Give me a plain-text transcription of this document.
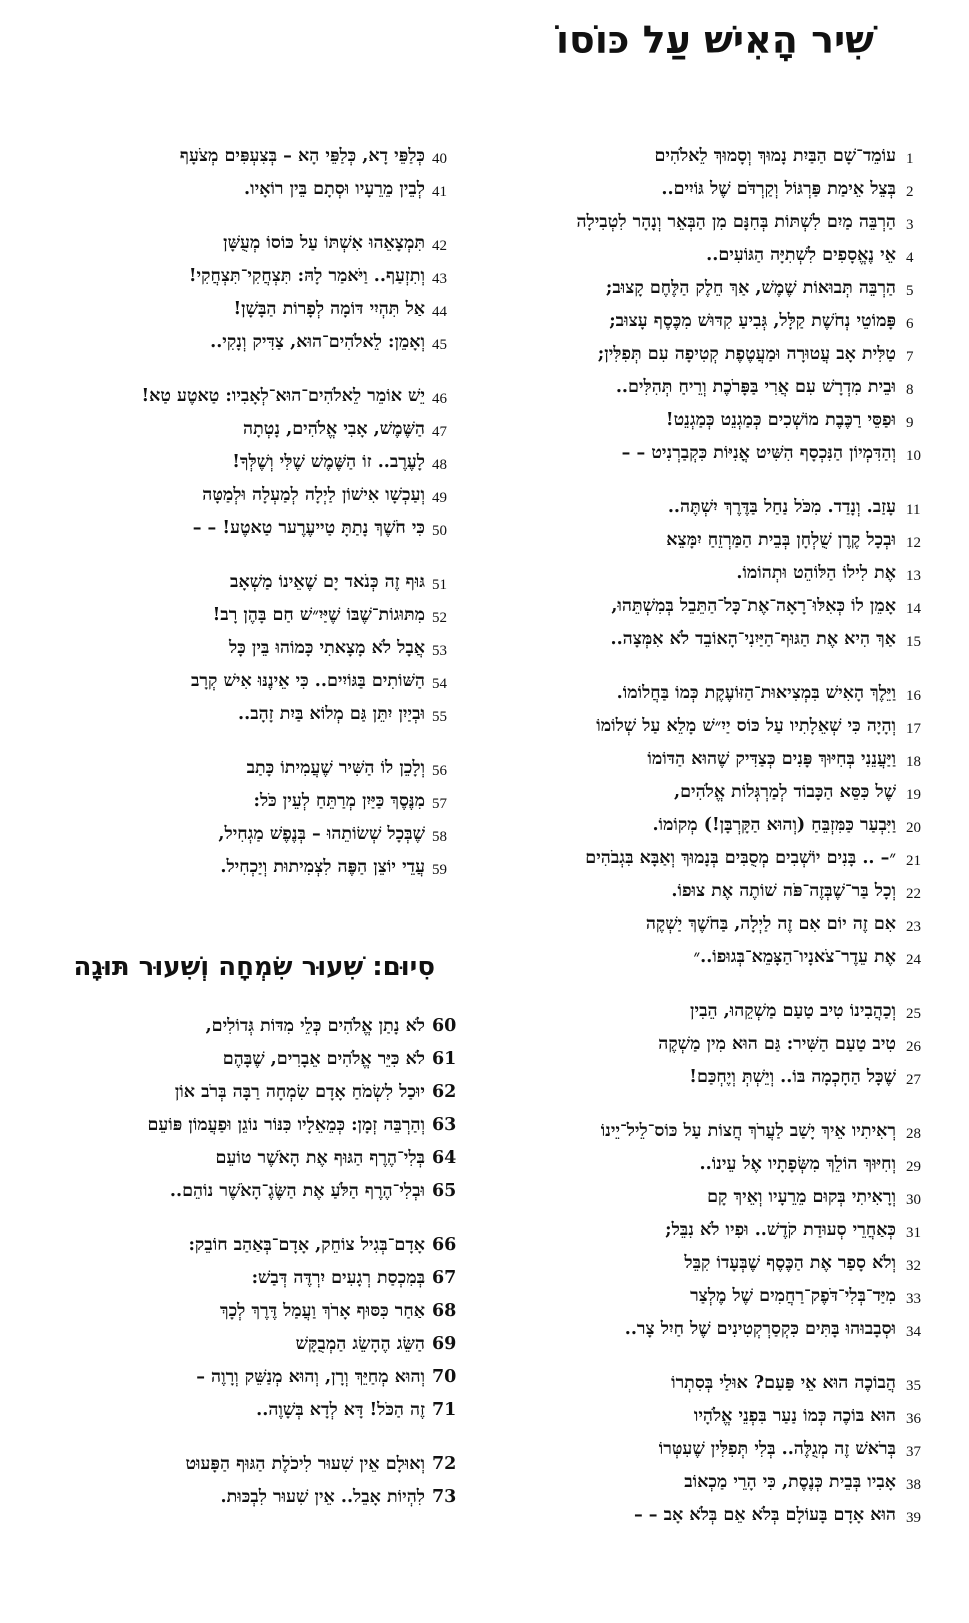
שִׁיר הָאִישׁ עַל כּוֹסוֹ
1
עוֹמֵד־שָׁם הַבַּיִת נָמוּךְ וְסָמוּךְ לֵאלֹהִים
2
בְּצֵל אֵימַת פַּרְגּוֹל וְקַרְדֹּם שֶׁל גּוֹיִים..
3
הַרְבֵּה מַיִם לִשְׁתּוֹת בְּחִנָּם מִן הַבְּאֵר וְנָהָר לִטְבִילָה
4
אֵי נֶאֱסָפִים לִשְׁתִיָּה הַגּוֹעִים..
5
הַרְבֵּה תְּבוּאוֹת שֶׁמֶשׁ, אַךְ חֵלֶק הַלֶּחֶם קָצוּב;
6
פָּמוֹטֵי נְחֹשֶׁת קַלָּל, גְּבִיעַ קִדּוּשׁ מִכֶּסֶף עָצוּב;
7
טַלִּית אָב עֲטוּרָה וּמַעֲטֶפֶת קְטִיפָה עִם תְּפִלִּין;
8
וּבֵית מִדְרָשׁ עִם אֲרִי בַּפָּרֹכֶת וְרֵיחַ תְּהִלִּים..
9
וּפַסֵּי רַכֶּבֶת מוֹשְׁכִים כְּמַגְנֵט כְּמַגְנֵט!
10
וְהַדִּמְיוֹן הַנִּכְסָף הִשִּׁיט אֳנִיּוֹת כִּקְבַרְנִיט – –
11
עָזַב. וְנָדַד. מִכֹּל נַחַל בַּדֶּרֶךְ יִשְׁתֶּה..
12
וּבְכָל קֶרֶן שֻׁלְחָן בְּבֵית הַמַּרְזֵחַ יִמָּצֵא
13
אֶת לִילוֹ הַלּוֹהֵט וּתְהוֹמוֹ.
14
אָמֵן לוֹ כְּאִלּוּ־רָאָה־אֶת־כָּל־הַתֵּבֵל בְּמִשְׁתֵּהוּ,
15
אַךְ הִיא אֶת הַגּוּף־הַיַּיִנִי־הָאוֹבֵד לֹא אִמְּצָה..
16
וַיֵּלֶךְ הָאִישׁ בִּמְצִיאוּת־הַזּוֹעֶקֶת כְּמוֹ בַּחֲלוֹמוֹ.
17
וְהָיָה כִּי שְׁאֵלָתִיו עַל כּוֹס יַיִ״שׁ מָלֵא עַל שְׁלוֹמוֹ
18
וַיַּעֲנֵנִי בְּחִיּוּךְ פָּנִים כְּצַדִּיק שֶׁהוּא הַדּוֹמוֹ
19
שֶׁל כִּסֵּא הַכָּבוֹד לְמַרְגְּלוֹת אֱלֹהִים,
20
וַיִּבְעַר כַּמִּזְבֵּחַ (וְהוּא הַקָּרְבָּן!) מְקוֹמוֹ.
21
״– .. בָּנִים יוֹשְׁבִים מְסֻבִּים בְּנָמוּךְ וְאַבָּא בִּגְבֹהִים
22
וְכָל בַּר־שֶׁבְּזֶה־פֹּה שׁוֹתֶה אֶת צוּפוֹ.
23
אִם זֶה יוֹם אִם זֶה לַיְלָה, בַּחֹשֶׁךְ יַשְׁקֶה
24
אֶת עֵדֶר־צֹאנָיו־הַצָּמֵא־בְּגוּפוֹ..״
25
וְכַהֲבִינוֹ טִיב טַעַם מַשְׁקֵהוּ, הֵבִין
26
טִיב טַעַם הַשִּׁיר: גַּם הוּא מִין מַשְׁקֶה
27
שֶׁכָּל הַחָכְמָה בּוֹ.. וְיֵשְׁתְּ וְיֶחְכַּם!
28
רְאִיתִיו אֵיךְ יָשַׁב לַעֲרֹךְ חֲצוֹת עַל כּוֹס־לֵיל־יֵינוֹ
29
וְחִיּוּךְ הוֹלֵךְ מִשְּׂפָתָיו אֶל עֵינוֹ..
30
וְרָאִיתִי בְּקוּם מֵרֵעָיו וְאֵיךְ קָם
31
כְּאַחֲרֵי סְעוּדַת קֹדֶשׁ.. וּפִיו לֹא נִבֵּל;
32
וְלֹא סָפַר אֶת הַכֶּסֶף שֶׁבְּעָדוֹ קִבֵּל
33
מִיַּד־בְּלִי־דֹּפֶק־רַחֲמִים שֶׁל מֶלְצַר
34
וּסְבָבוּהוּ בָּתִּים כִּקְסַרְקְטִינִים שֶׁל חַיִל צָר..
35
הֲבוֹכֶה הוּא אֵי פַּעַם? אוּלַי בְּסִתְרוֹ
36
הוּא בּוֹכֶה כְּמוֹ נַעַר בִּפְנֵי אֱלֹהָיו
37
בְּרֹאשׁ זֶה מְגֻלֶּה.. בְּלִי תְּפִלִּין שֶׁעִטְּרוֹ
38
אָבִיו בְּבֵית כְּנֶסֶת, כִּי הָרֵי מַכְאוֹב
39
הוּא אָדָם בָּעוֹלָם בְּלֹא אֵם בְּלֹא אָב – –
40
כְּלַפֵּי דָא, כְּלַפֵּי הָא – בְּצִעְפִּים מְצֹעָף
41
לְבֵין מֵרֵעָיו וּסְתָם בֵּין רוֹאָיו.
42
תִּמְצָאֵהוּ אִשְׁתּוֹ עַל כּוֹסוֹ מְעֻשָּׁן
43
וְתִזְעַף.. וַיֹּאמַר לָהּ: תִּצְחֲקִי־תִּצְחֲקִי!
44
אַל תִּהְיִי דּוֹמָה לְפָרוֹת הַבָּשָׁן!
45
וְאָמֵן: לֵאלֹהִים־הוּא, צַדִּיק וְנָקִי..
46
יֵשׁ אוֹמֵר לֵאלֹהִים־הוּא־לְאָבִיו: טַאטֶע טַא!
47
הַשֶּׁמֶשׁ, אָבִי אֱלֹהִים, נָטְתָה
48
לָעֶרֶב.. זוֹ הַשֶּׁמֶשׁ שֶׁלִּי וְשֶׁלְּךָ!
49
וְעַכְשָׁו אִישׁוֹן לַיְלָה לְמַעְלָה וּלְמַטָּה
50
כִּי חֹשֶׁךְ נָתַתָּ טַייעֶרֶער טַאטֶע! – –
51
גּוּף זֶה כְּנֹאד יָם שֶׁאֵינוֹ מַשְׁאָב
52
מִתּוּגוֹת־שֶׁבּוֹ שֶׁיַּיִ״שׁ חַם בָּהֶן רָב!
53
אֲבָל לֹא מָצָאתִי כָּמוֹהוּ בֵּין כָּל
54
הַשּׁוֹתִים בַּגּוֹיִים.. כִּי אֵינֶנּוּ אִישׁ קְרָב
55
וּבְיַיִן יִתֵּן גַּם מְלוֹא בַּיִת זָהָב..
56
וְלָכֵן לוֹ הַשִּׁיר שֶׁעֲמִיתוֹ כָּתַב
57
מִנֶּסֶךְ כַּיַּיִן מְרַתֵּחַ לְעֵין כֹּל:
58
שֶׁבְּכָל שְׁשׂוֹתֵהוּ – בְּנֶפֶשׁ מַגְחִיל,
59
עֲדֵי יוֹצֵן הַפֶּה לִצְמִיתוּת וְיַכְחִיל.
סִיוּם: שִׁעוּר שִׂמְחָה וְשִׁעוּר תּוּגָה
60
לֹא נָתַן אֱלֹהִים כְּלֵי מִדּוֹת גְּדוֹלִים,
61
לֹא כִּיֵּר אֱלֹהִים אֵבָרִים, שֶׁבָּהֶם
62
יוּכַל לִשְׂמֹחַ אָדָם שִׂמְחָה רַבָּה בְּרֹב אוֹן
63
וְהַרְבֵּה זְמָן: כְּמֵאֵלָיו כִּנּוֹר נוֹגֵן וּפַעֲמוֹן פּוֹעֵם
64
בְּלִי־הֶרֶף הַגּוּף אֶת הָאֹשֶׁר טוֹעֵם
65
וּבְלִי־הֶרֶף הַלֹּעַ אֶת הַשֶּׂגֶ־הָאֹשֶׁר נוֹהֵם..
66
אָדָם־בְּגִיל צוֹחֵק, אָדָם־בְּאַהַב חוֹבֵק:
67
בְּמִכְסַת רְגָעִים יִרְדֶּה דְּבַשׁ:
68
אַחַר כִּסּוּף אָרֹךְ וַעֲמַל דֶּרֶךְ לְכָךְ
69
הַשֵּׂג הֶהָשֵׂג הַמְבֻקָּשׁ
70
וְהוּא מְחַיֵּךְ וְרָן, וְהוּא מְנַשֵּׁק וְרָוֶה –
71
זֶה הַכֹּל! דָּא לְדָא בְּשָׁוֶה..
72
וְאוּלָם אֵין שִׁעוּר לִיכֹלֶת הַגּוּף הַפָּעוּט
73
לִהְיוֹת אָבֵל.. אֵין שִׁעוּר לִבְכּוּת.
